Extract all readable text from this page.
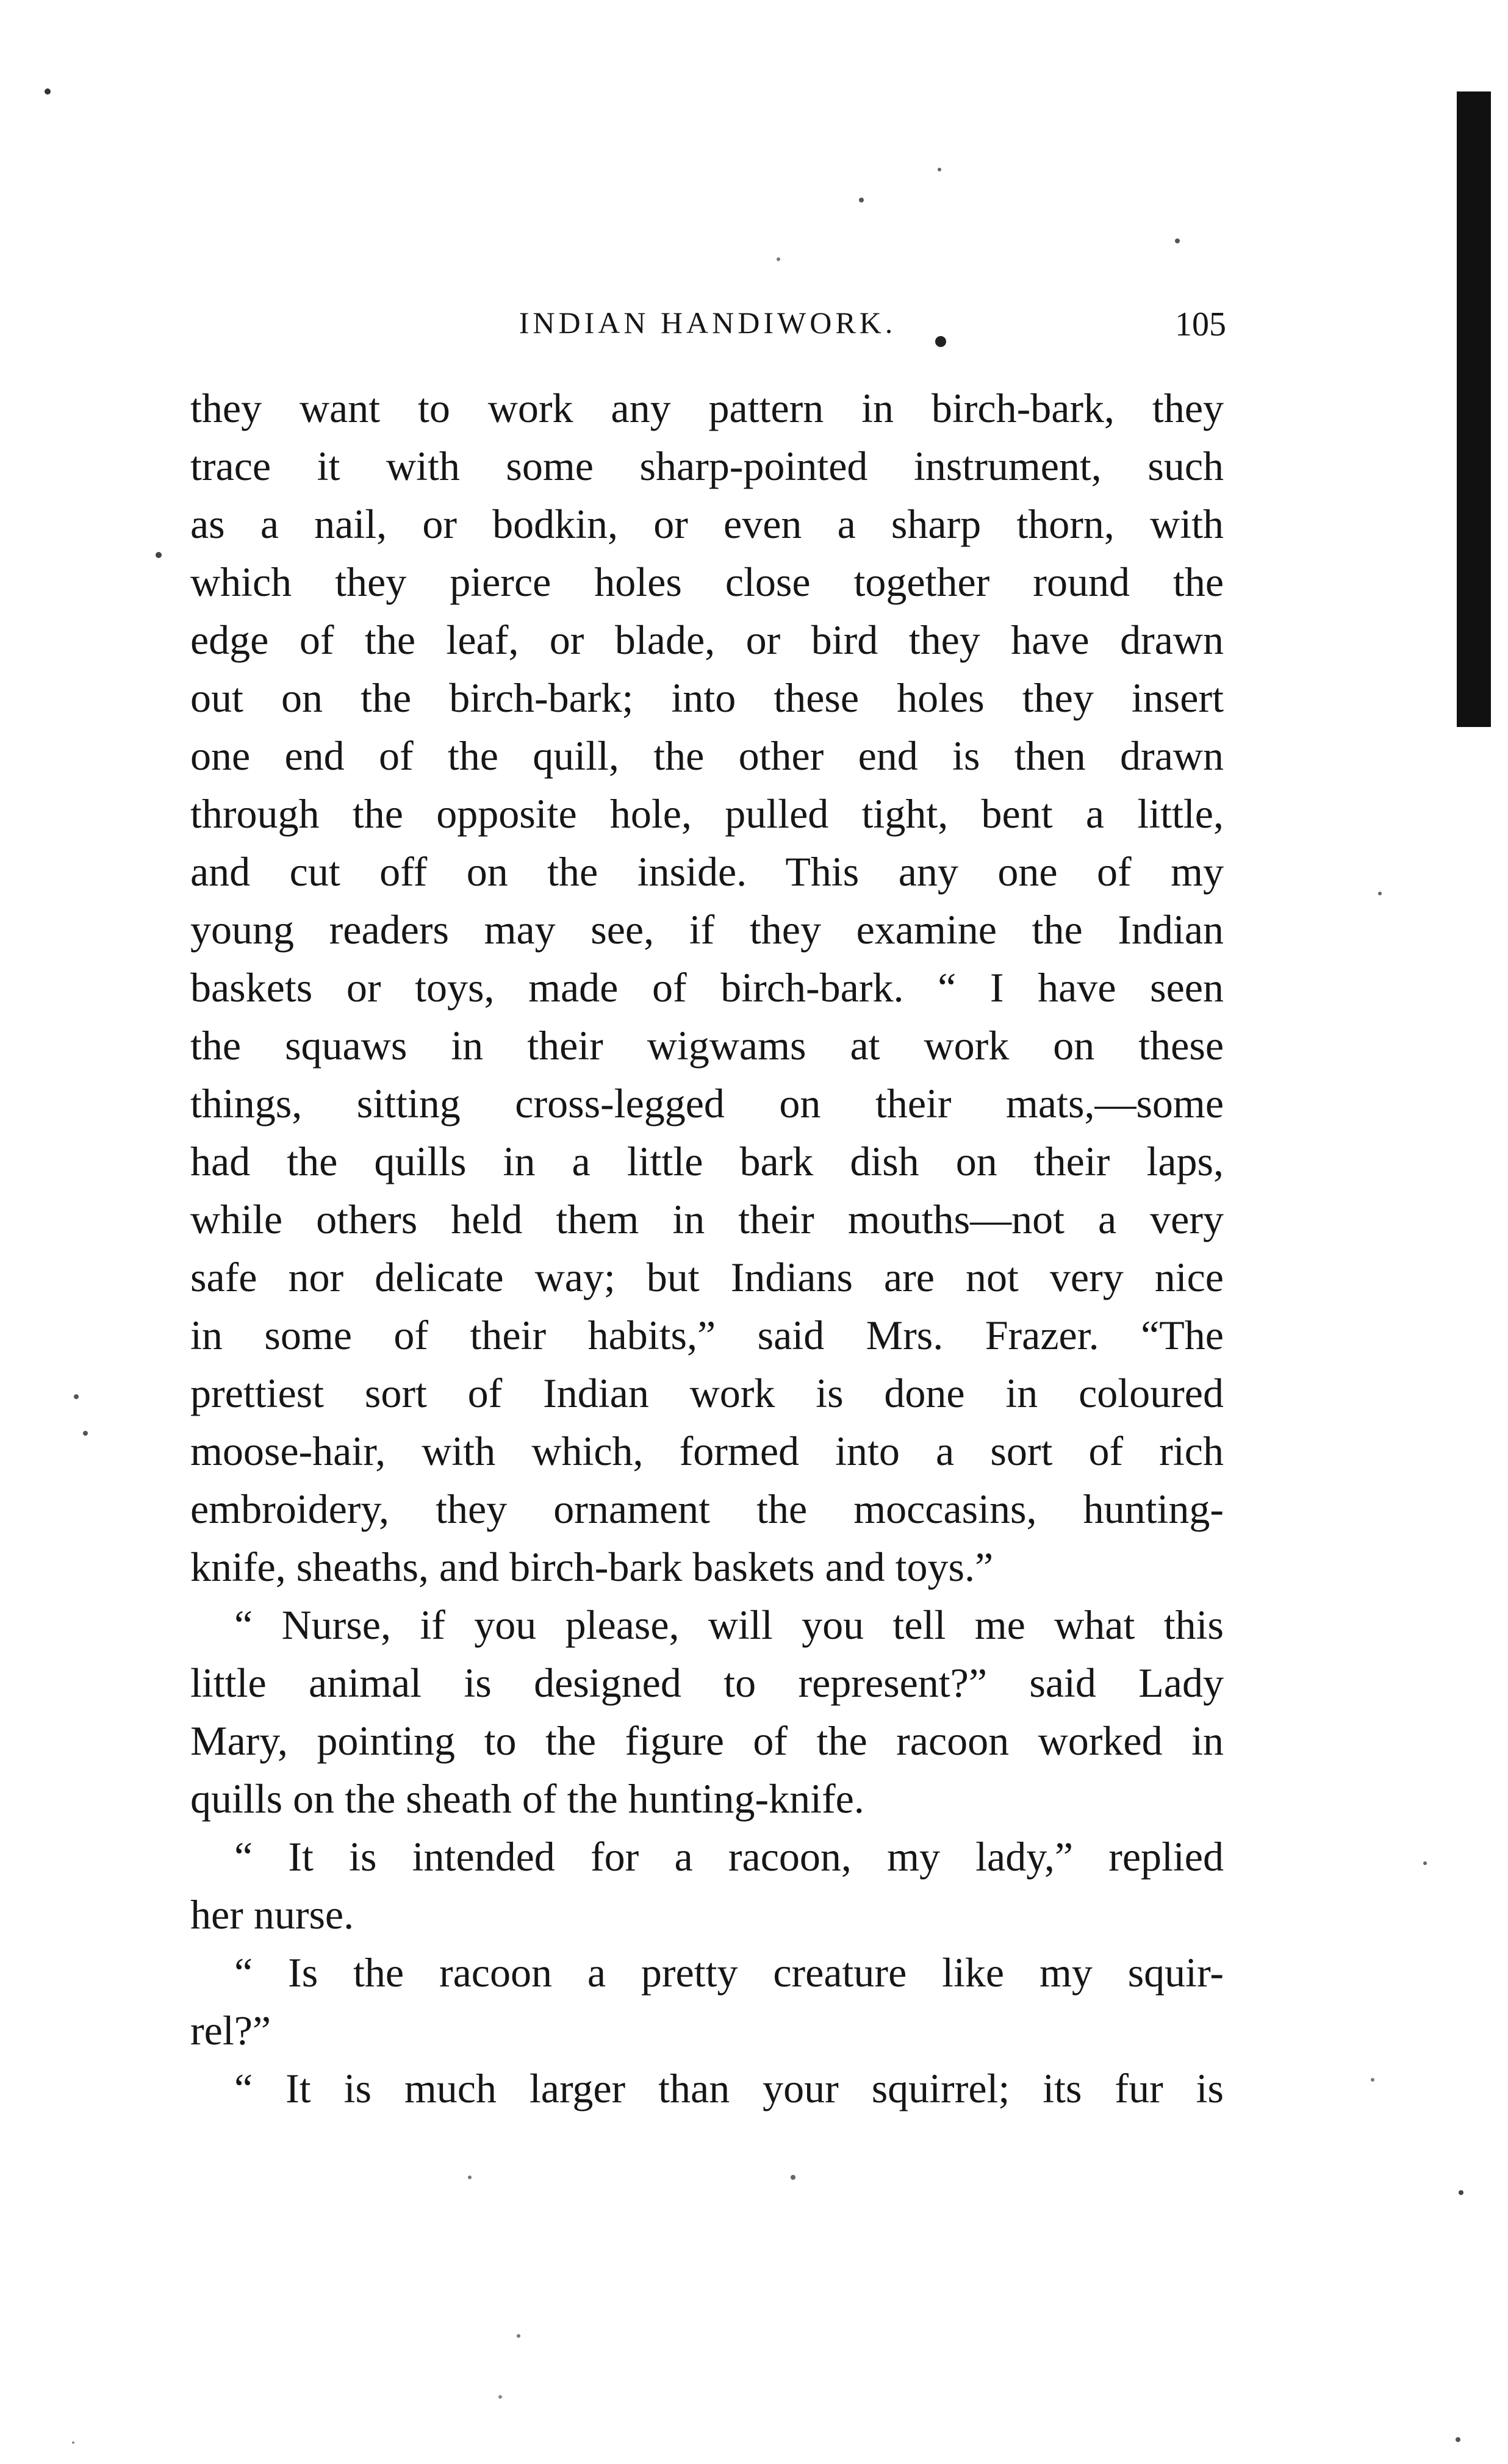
INDIAN HANDIWORK.	105
they want to work any pattern in birch-bark, they
trace it with some sharp-pointed instrument, such
as a nail, or bodkin, or even a sharp thorn, with
which they pierce holes close together round the
edge of the leaf, or blade, or bird they have drawn
out on the birch-bark; into these holes they insert
one end of the quill, the other end is then drawn
through the opposite hole, pulled tight, bent a little,
and cut off on the inside. This any one of my
young readers may see, if they examine the Indian
baskets or toys, made of birch-bark. “ I have seen
the squaws in their wigwams at work on these
things, sitting cross-legged on their mats,—some
had the quills in a little bark dish on their laps,
while others held them in their mouths—not a very
safe nor delicate way; but Indians are not very nice
in some of their habits,” said Mrs. Frazer. “The
prettiest sort of Indian work is done in coloured
moose-hair, with which, formed into a sort of rich
embroidery, they ornament the moccasins, hunting-
knife, sheaths, and birch-bark baskets and toys.”
“ Nurse, if you please, will you tell me what this
little animal is designed to represent?” said Lady
Mary, pointing to the figure of the racoon worked in
quills on the sheath of the hunting-knife.
“ It is intended for a racoon, my lady,” replied
her nurse.
“ Is the racoon a pretty creature like my squir-
rel?”
“ It is much larger than your squirrel; its fur is
